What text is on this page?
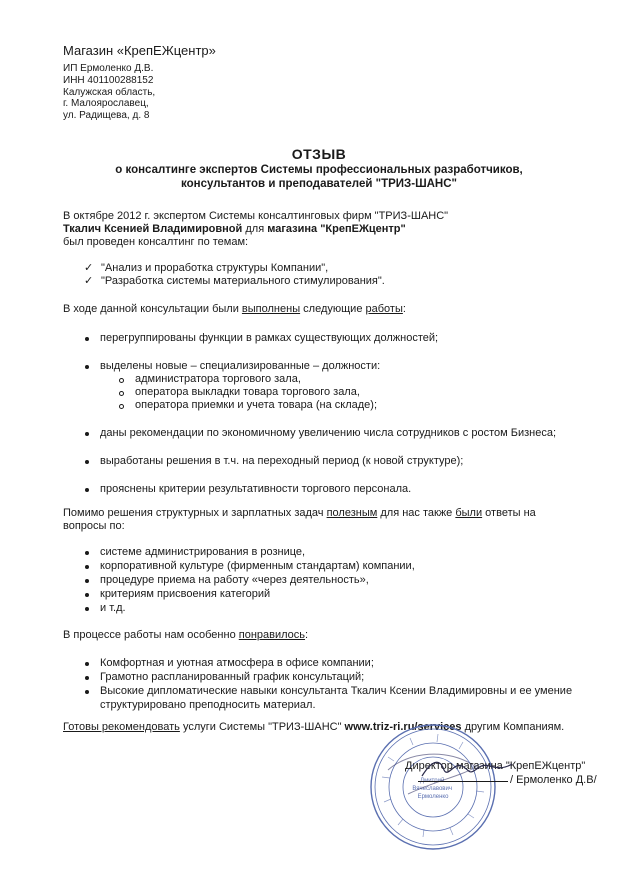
Магазин «КрепЕЖцентр»
ИП Ермоленко Д.В.
ИНН 401100288152
Калужская область,
г. Малоярославец,
ул. Радищева, д. 8
ОТЗЫВ
о консалтинге экспертов Системы профессиональных разработчиков,
консультантов и преподавателей "ТРИЗ-ШАНС"
В октябре 2012 г. экспертом Системы консалтинговых фирм "ТРИЗ-ШАНС"
Ткалич Ксенией Владимировной для магазина "КрепЕЖцентр"
был проведен консалтинг по темам:
✓ "Анализ и проработка структуры Компании",
✓ "Разработка системы материального стимулирования".
В ходе данной консультации были выполнены следующие работы:
перегруппированы функции в рамках существующих должностей;
выделены новые – специализированные – должности:
администратора торгового зала,
оператора выкладки товара торгового зала,
оператора приемки и учета товара (на складе);
даны рекомендации по экономичному увеличению числа сотрудников с ростом Бизнеса;
выработаны решения в т.ч. на переходный период (к новой структуре);
прояснены критерии результативности торгового персонала.
Помимо решения структурных и зарплатных задач полезным для нас также были ответы на
вопросы по:
системе администрирования в рознице,
корпоративной культуре (фирменным стандартам) компании,
процедуре приема на работу «через деятельность»,
критериям присвоения категорий
и т.д.
В процессе работы нам особенно понравилось:
Комфортная и уютная атмосфера в офисе компании;
Грамотно распланированный график консультаций;
Высокие дипломатические навыки консультанта Ткалич Ксении Владимировны и ее умение
структурировано преподносить материал.
Готовы рекомендовать услуги Системы "ТРИЗ-ШАНС" www.triz-ri.ru/services другим Компаниям.
Вячеславович Ермоленко
Директор магазина "КрепЕЖцентр"
/ Ермоленко Д.В/
